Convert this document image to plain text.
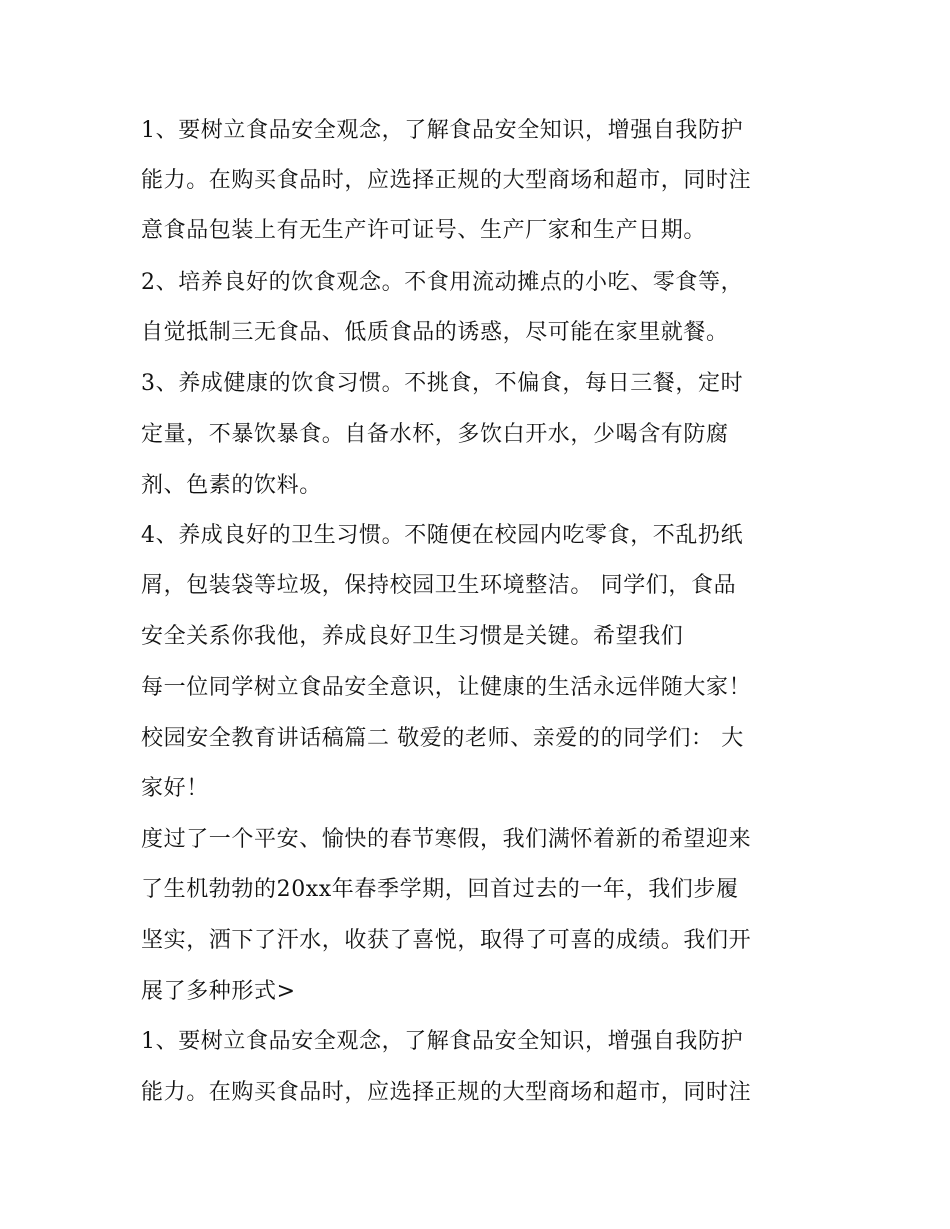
1、要树立食品安全观念，了解食品安全知识，增强自我防护
能力。在购买食品时，应选择正规的大型商场和超市，同时注
意食品包装上有无生产许可证号、生产厂家和生产日期。
2、培养良好的饮食观念。不食用流动摊点的小吃、零食等，
自觉抵制三无食品、低质食品的诱惑，尽可能在家里就餐。
3、养成健康的饮食习惯。不挑食，不偏食，每日三餐，定时
定量，不暴饮暴食。自备水杯，多饮白开水，少喝含有防腐
剂、色素的饮料。
4、养成良好的卫生习惯。不随便在校园内吃零食，不乱扔纸
屑，包装袋等垃圾，保持校园卫生环境整洁。 同学们，食品
安全关系你我他，养成良好卫生习惯是关键。希望我们
每一位同学树立食品安全意识，让健康的生活永远伴随大家！
校园安全教育讲话稿篇二 敬爱的老师、亲爱的的同学们： 大
家好！
度过了一个平安、愉快的春节寒假，我们满怀着新的希望迎来
了生机勃勃的20xx年春季学期，回首过去的一年，我们步履
坚实，洒下了汗水，收获了喜悦，取得了可喜的成绩。我们开
展了多种形式>
1、要树立食品安全观念，了解食品安全知识，增强自我防护
能力。在购买食品时，应选择正规的大型商场和超市，同时注
